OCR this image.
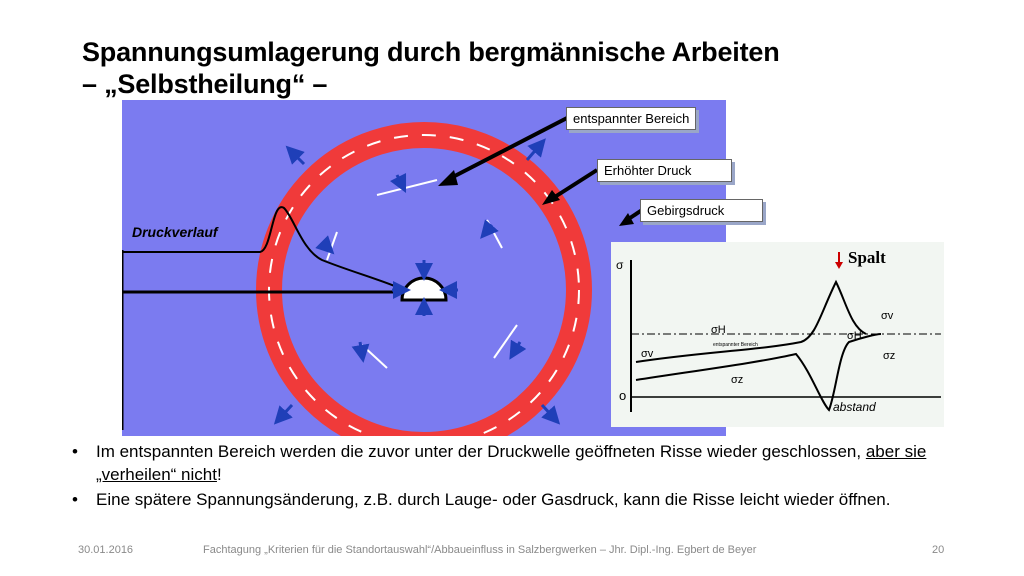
Spannungsumlagerung durch bergmännische Arbeiten
– „Selbstheilung“ –
Druckverlauf
entspannter Bereich
Erhöhter Druck
Gebirgsdruck
Spalt
σ
o
σv
σH
σz
σv
σH
σz
entspannter Bereich
abstand
• Im entspannten Bereich werden die zuvor unter der Druckwelle geöffneten Risse wieder geschlossen, aber sie „verheilen“ nicht!
• Eine spätere Spannungsänderung, z.B. durch Lauge- oder Gasdruck, kann die Risse leicht wieder öffnen.
30.01.2016	Fachtagung „Kriterien für die Standortauswahl“/Abbaueinfluss in Salzbergwerken – Jhr. Dipl.-Ing. Egbert de Beyer	20
